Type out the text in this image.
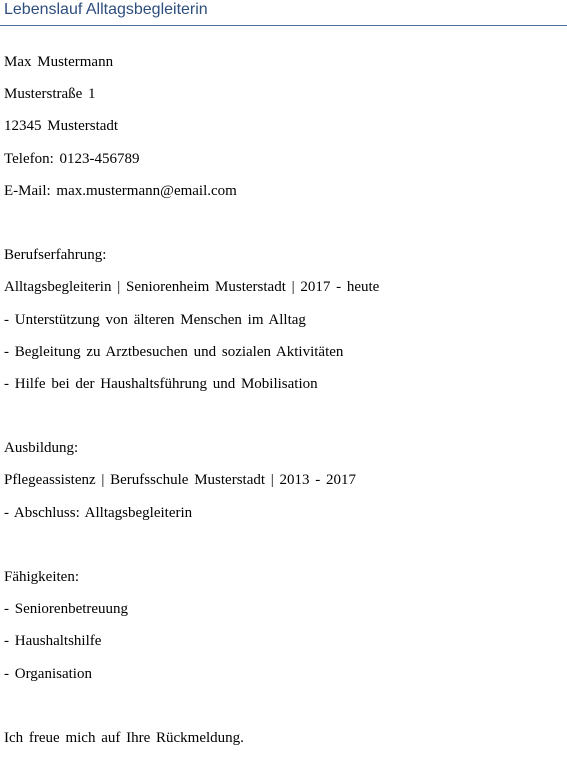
Lebenslauf Alltagsbegleiterin
Max Mustermann
Musterstraße 1
12345 Musterstadt
Telefon: 0123-456789
E-Mail: max.mustermann@email.com
Berufserfahrung:
Alltagsbegleiterin | Seniorenheim Musterstadt | 2017 - heute
- Unterstützung von älteren Menschen im Alltag
- Begleitung zu Arztbesuchen und sozialen Aktivitäten
- Hilfe bei der Haushaltsführung und Mobilisation
Ausbildung:
Pflegeassistenz | Berufsschule Musterstadt | 2013 - 2017
- Abschluss: Alltagsbegleiterin
Fähigkeiten:
- Seniorenbetreuung
- Haushaltshilfe
- Organisation
Ich freue mich auf Ihre Rückmeldung.
